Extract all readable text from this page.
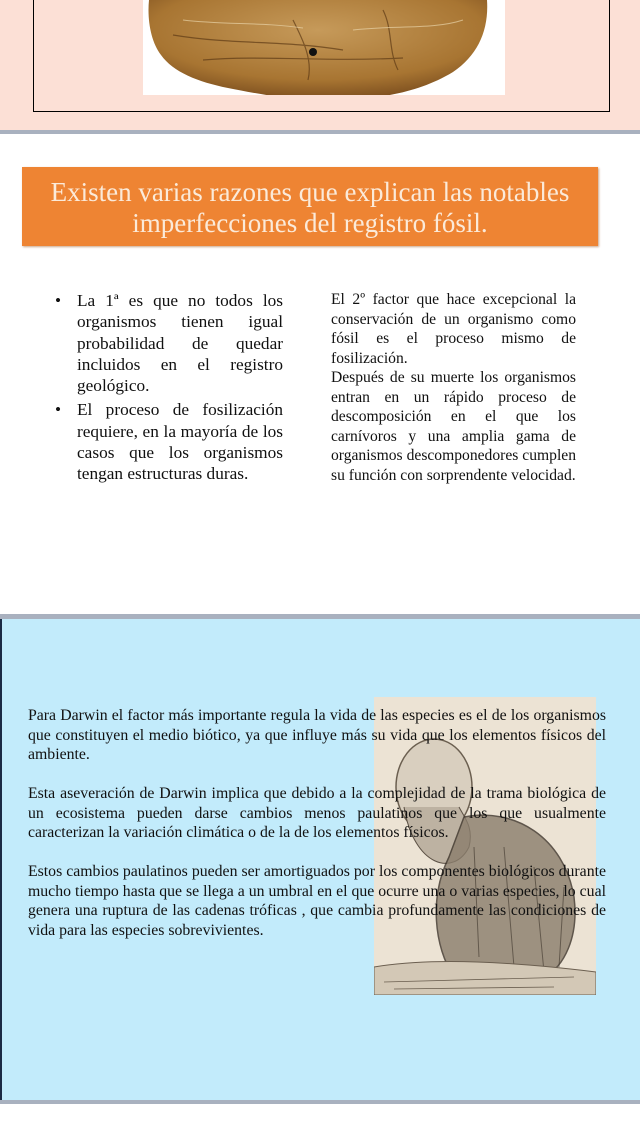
Existen varias razones que explican las notables imperfecciones del registro fósil.
• La 1ª es que no todos los organismos tienen igual probabilidad de quedar incluidos en el registro geológico.
• El proceso de fosilización requiere, en la mayoría de los casos que los organismos tengan estructuras duras.

El 2º factor que hace excepcional la conservación de un organismo como fósil es el proceso mismo de fosilización.

Después de su muerte los organismos entran en un rápido proceso de descomposición en el que los carnívoros y una amplia gama de organismos descomponedores cumplen su función con sorprendente velocidad.

Para Darwin el factor más importante regula la vida de las especies es el de los organismos que constituyen el medio biótico, ya que influye más su vida que los elementos físicos del ambiente.

Esta aseveración de Darwin implica que debido a la complejidad de la trama biológica de un ecosistema pueden darse cambios menos paulatinos que los que usualmente caracterizan la variación climática o de la de los elementos físicos.

Estos cambios paulatinos pueden ser amortiguados por los componentes biológicos durante mucho tiempo hasta que se llega a un umbral en el que ocurre una o varias especies, lo cual genera una ruptura de las cadenas tróficas , que cambia profundamente las condiciones de vida para las especies sobrevivientes.
